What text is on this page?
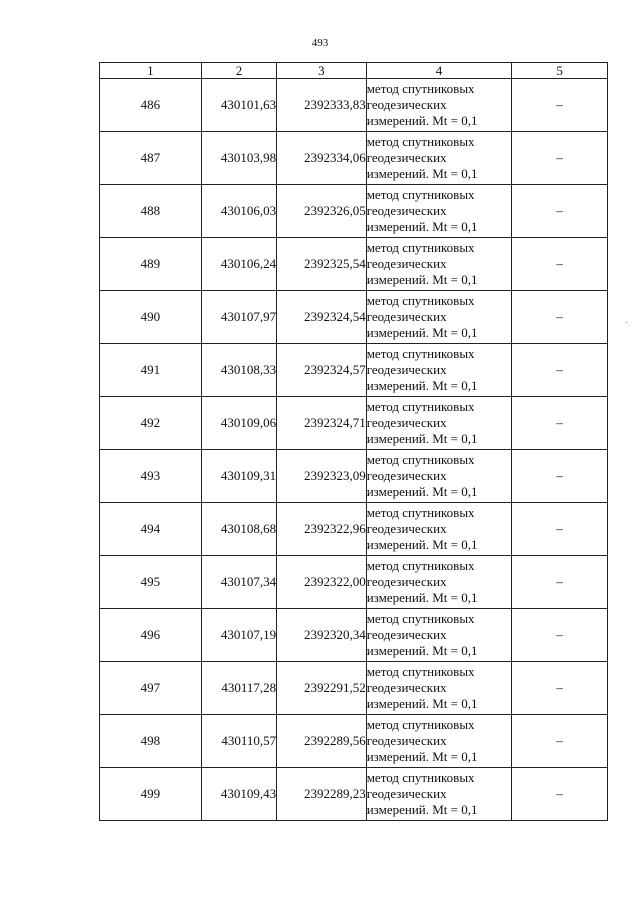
493
1	2	3	4	5
486	430101,63	2392333,83	метод спутниковых
геодезических
измерений. Mt = 0,1	–
487	430103,98	2392334,06	метод спутниковых
геодезических
измерений. Mt = 0,1	–
488	430106,03	2392326,05	метод спутниковых
геодезических
измерений. Mt = 0,1	–
489	430106,24	2392325,54	метод спутниковых
геодезических
измерений. Mt = 0,1	–
490	430107,97	2392324,54	метод спутниковых
геодезических
измерений. Mt = 0,1	–
491	430108,33	2392324,57	метод спутниковых
геодезических
измерений. Mt = 0,1	–
492	430109,06	2392324,71	метод спутниковых
геодезических
измерений. Mt = 0,1	–
493	430109,31	2392323,09	метод спутниковых
геодезических
измерений. Mt = 0,1	–
494	430108,68	2392322,96	метод спутниковых
геодезических
измерений. Mt = 0,1	–
495	430107,34	2392322,00	метод спутниковых
геодезических
измерений. Mt = 0,1	–
496	430107,19	2392320,34	метод спутниковых
геодезических
измерений. Mt = 0,1	–
497	430117,28	2392291,52	метод спутниковых
геодезических
измерений. Mt = 0,1	–
498	430110,57	2392289,56	метод спутниковых
геодезических
измерений. Mt = 0,1	–
499	430109,43	2392289,23	метод спутниковых
геодезических
измерений. Mt = 0,1	–
